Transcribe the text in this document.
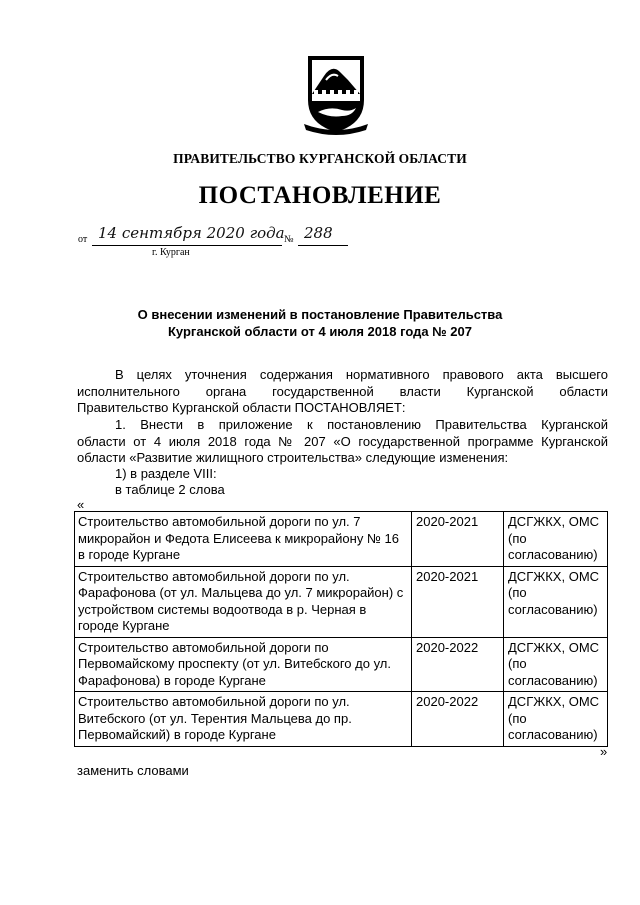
ПРАВИТЕЛЬСТВО КУРГАНСКОЙ ОБЛАСТИ
ПОСТАНОВЛЕНИЕ
от 14 сентября 2020 года № 288
г. Курган
О внесении изменений в постановление Правительства
Курганской области от 4 июля 2018 года № 207
В целях уточнения содержания нормативного правового акта высшего
исполнительного органа государственной власти Курганской области
Правительство Курганской области ПОСТАНОВЛЯЕТ:
1. Внести в приложение к постановлению Правительства Курганской
области от 4 июля 2018 года № 207 «О государственной программе Курганской
области «Развитие жилищного строительства» следующие изменения:
1) в разделе VIII:
в таблице 2 слова
«
Строительство автомобильной дороги по ул. 7 микрорайон и Федота Елисеева к микрорайону № 16 в городе Кургане	2020-2021	ДСГЖКХ, ОМС (по согласованию)
Строительство автомобильной дороги по ул. Фарафонова (от ул. Мальцева до ул. 7 микрорайон) с устройством системы водоотвода в р. Черная в городе Кургане	2020-2021	ДСГЖКХ, ОМС (по согласованию)
Строительство автомобильной дороги по Первомайскому проспекту (от ул. Витебского до ул. Фарафонова) в городе Кургане	2020-2022	ДСГЖКХ, ОМС (по согласованию)
Строительство автомобильной дороги по ул. Витебского (от ул. Терентия Мальцева до пр. Первомайский) в городе Кургане	2020-2022	ДСГЖКХ, ОМС (по согласованию)
»
заменить словами
